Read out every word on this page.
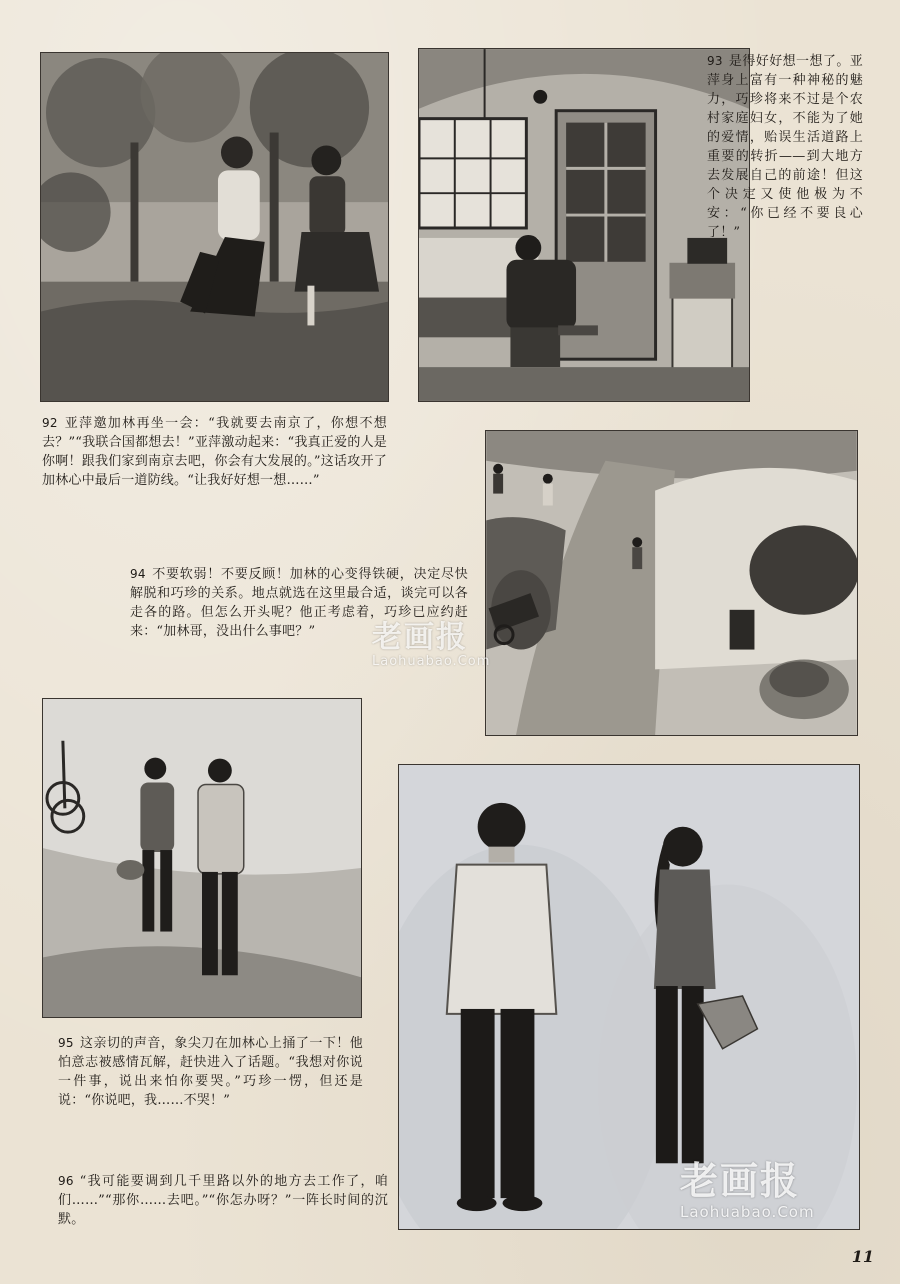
93 是得好好想一想了。亚萍身上富有一种神秘的魅力，巧珍将来不过是个农村家庭妇女，不能为了她的爱情，贻误生活道路上重要的转折——到大地方去发展自己的前途！但这个决定又使他极为不安：“你已经不要良心了！”
92 亚萍邀加林再坐一会：“我就要去南京了，你想不想去？”“我联合国都想去！”亚萍激动起来：“我真正爱的人是你啊！跟我们家到南京去吧，你会有大发展的。”这话攻开了加林心中最后一道防线。“让我好好想一想……”
94 不要软弱！不要反顾！加林的心变得铁硬，决定尽快解脱和巧珍的关系。地点就选在这里最合适，谈完可以各走各的路。但怎么开头呢？他正考虑着，巧珍已应约赶来：“加林哥，没出什么事吧？”	老画报
Laohuabao.Com
95 这亲切的声音，象尖刀在加林心上捅了一下！他怕意志被感情瓦解，赶快进入了话题。“我想对你说一件事，说出来怕你要哭。”巧珍一愣，但还是说：“你说吧，我……不哭！”
老画报
Laohuabao.Com
96 “我可能要调到几千里路以外的地方去工作了，咱们……”“那你……去吧。”“你怎办呀？”一阵长时间的沉默。
11
